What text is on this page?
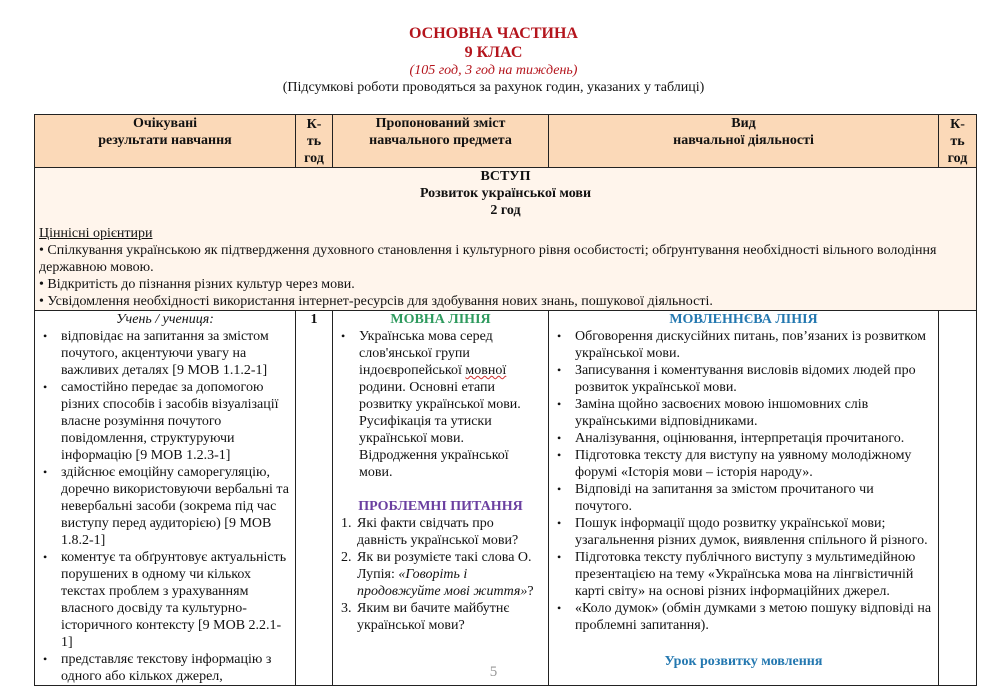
ОСНОВНА ЧАСТИНА
9 КЛАС
(105 год, 3 год на тиждень)
(Підсумкові роботи проводяться за рахунок годин, указаних у таблиці)
Очікувані
результати навчання

К-
ть
год

Пропонований зміст
навчального предмета

Вид
навчальної діяльності

К-
ть
год

ВСТУП
Розвиток української мови
2 год
Ціннісні орієнтири
• Спілкування українською як підтвердження духовного становлення і культурного рівня особистості; обґрунтування необхідності вільного володіння державною мовою.
• Відкритість до пізнання різних культур через мови.
• Усвідомлення необхідності використання інтернет-ресурсів для здобування нових знань, пошукової діяльності.

Учень / учениця:
• відповідає на запитання за змістом почутого, акцентуючи увагу на важливих деталях [9 МОВ 1.1.2-1]
• самостійно передає за допомогою різних способів і засобів візуалізації власне розуміння почутого повідомлення, структуруючи інформацію [9 МОВ 1.2.3-1]
• здійснює емоційну саморегуляцію, доречно використовуючи вербальні та невербальні засоби (зокрема під час виступу перед аудиторією) [9 МОВ 1.8.2-1]
• коментує та обґрунтовує актуальність порушених в одному чи кількох текстах проблем з урахуванням власного досвіду та культурно-історичного контексту [9 МОВ 2.2.1-1]
• представляє текстову інформацію з одного або кількох джерел,
	1	МОВНА ЛІНІЯ
• Українська мова серед слов'янської групи індоєвропейської мовної родини. Основні етапи розвитку української мови. Русифікація та утиски української мови. Відродження української мови.
ПРОБЛЕМНІ ПИТАННЯ
1. Які факти свідчать про давність української мови?
2. Як ви розумієте такі слова О. Лупія: «Говоріть і продовжуйте мові життя»?
3. Яким ви бачите майбутнє української мови?

МОВЛЕННЄВА ЛІНІЯ
• Обговорення дискусійних питань, пов’язаних із розвитком української мови.
• Записування і коментування висловів відомих людей про розвиток української мови.
• Заміна щойно засвоєних мовою іншомовних слів українськими відповідниками.
• Аналізування, оцінювання, інтерпретація прочитаного.
• Підготовка тексту для виступу на уявному молодіжному форумі «Історія мови – історія народу».
• Відповіді на запитання за змістом прочитаного чи почутого.
• Пошук інформації щодо розвитку української мови; узагальнення різних думок, виявлення спільного й різного.
• Підготовка тексту публічного виступу з мультимедійною презентацією на тему «Українська мова на лінгвістичній карті світу» на основі різних інформаційних джерел.
• «Коло думок» (обмін думками з метою пошуку відповіді на проблемні запитання).
Урок розвитку мовлення

5
